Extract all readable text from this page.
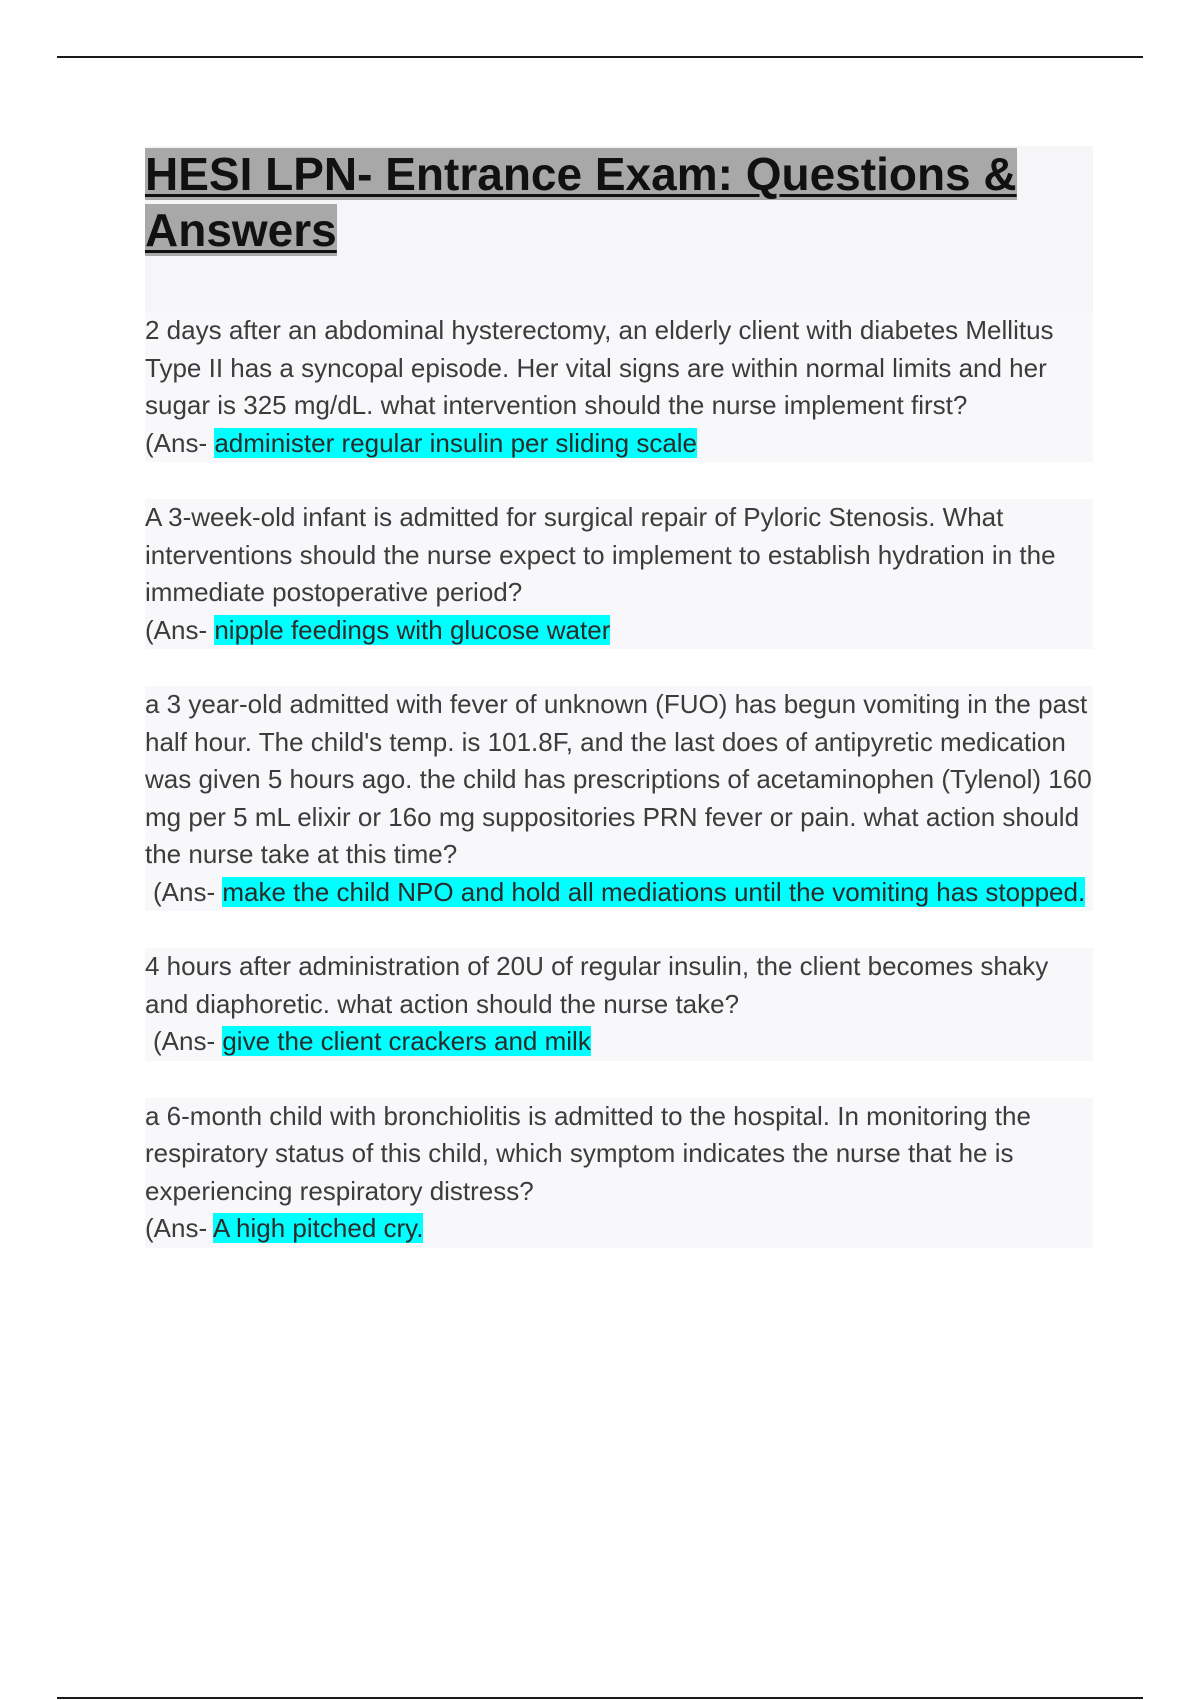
HESI LPN- Entrance Exam: Questions & Answers

2 days after an abdominal hysterectomy, an elderly client with diabetes Mellitus Type II has a syncopal episode. Her vital signs are within normal limits and her sugar is 325 mg/dL. what intervention should the nurse implement first?

(Ans- administer regular insulin per sliding scale

A 3-week-old infant is admitted for surgical repair of Pyloric Stenosis. What interventions should the nurse expect to implement to establish hydration in the immediate postoperative period?

(Ans- nipple feedings with glucose water

a 3 year-old admitted with fever of unknown (FUO) has begun vomiting in the past half hour. The child's temp. is 101.8F, and the last does of antipyretic medication was given 5 hours ago. the child has prescriptions of acetaminophen (Tylenol) 160 mg per 5 mL elixir or 16o mg suppositories PRN fever or pain. what action should the nurse take at this time?

(Ans- make the child NPO and hold all mediations until the vomiting has stopped.

4 hours after administration of 20U of regular insulin, the client becomes shaky and diaphoretic. what action should the nurse take?

(Ans- give the client crackers and milk

a 6-month child with bronchiolitis is admitted to the hospital. In monitoring the respiratory status of this child, which symptom indicates the nurse that he is experiencing respiratory distress?

(Ans- A high pitched cry.
